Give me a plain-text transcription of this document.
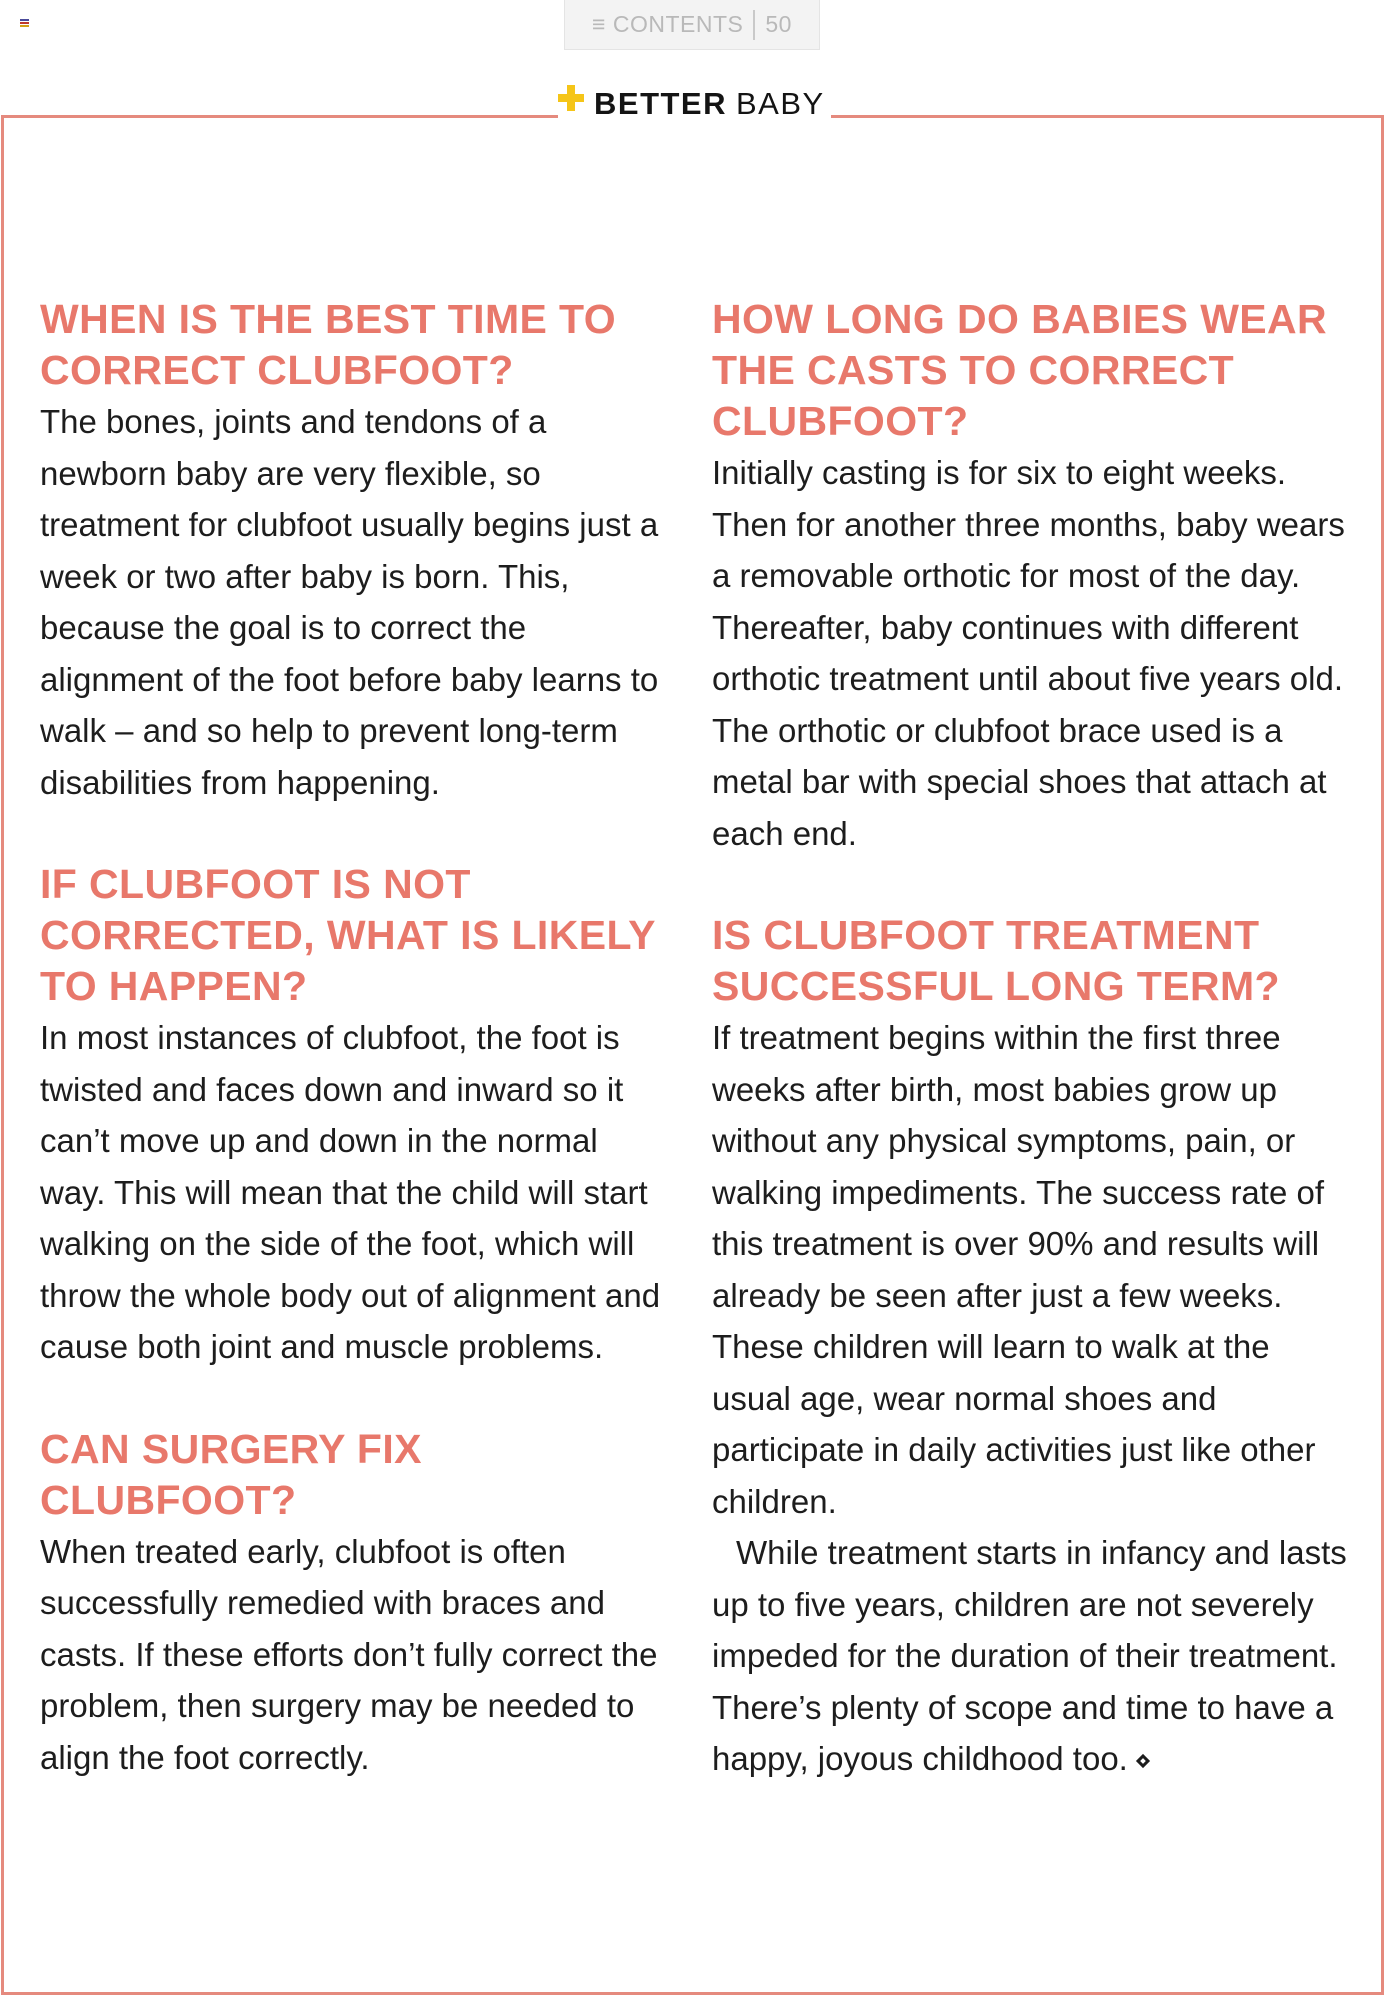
≡ CONTENTS 50
BETTER BABY
WHEN IS THE BEST TIME TO CORRECT CLUBFOOT?

The bones, joints and tendons of a newborn baby are very flexible, so treatment for clubfoot usually begins just a week or two after baby is born. This, because the goal is to correct the alignment of the foot before baby learns to walk – and so help to prevent long-term disabilities from happening.

IF CLUBFOOT IS NOT CORRECTED, WHAT IS LIKELY TO HAPPEN?

In most instances of clubfoot, the foot is twisted and faces down and inward so it can’t move up and down in the normal way. This will mean that the child will start walking on the side of the foot, which will throw the whole body out of alignment and cause both joint and muscle problems.

CAN SURGERY FIX CLUBFOOT?

When treated early, clubfoot is often successfully remedied with braces and casts. If these efforts don’t fully correct the problem, then surgery may be needed to align the foot correctly.

HOW LONG DO BABIES WEAR THE CASTS TO CORRECT CLUBFOOT?

Initially casting is for six to eight weeks. Then for another three months, baby wears a removable orthotic for most of the day. Thereafter, baby continues with different orthotic treatment until about five years old. The orthotic or clubfoot brace used is a metal bar with special shoes that attach at each end.

IS CLUBFOOT TREATMENT SUCCESSFUL LONG TERM?

If treatment begins within the first three weeks after birth, most babies grow up without any physical symptoms, pain, or walking impediments. The success rate of this treatment is over 90% and results will already be seen after just a few weeks. These children will learn to walk at the usual age, wear normal shoes and participate in daily activities just like other children.

While treatment starts in infancy and lasts up to five years, children are not severely impeded for the duration of their treatment. There’s plenty of scope and time to have a happy, joyous childhood too.
